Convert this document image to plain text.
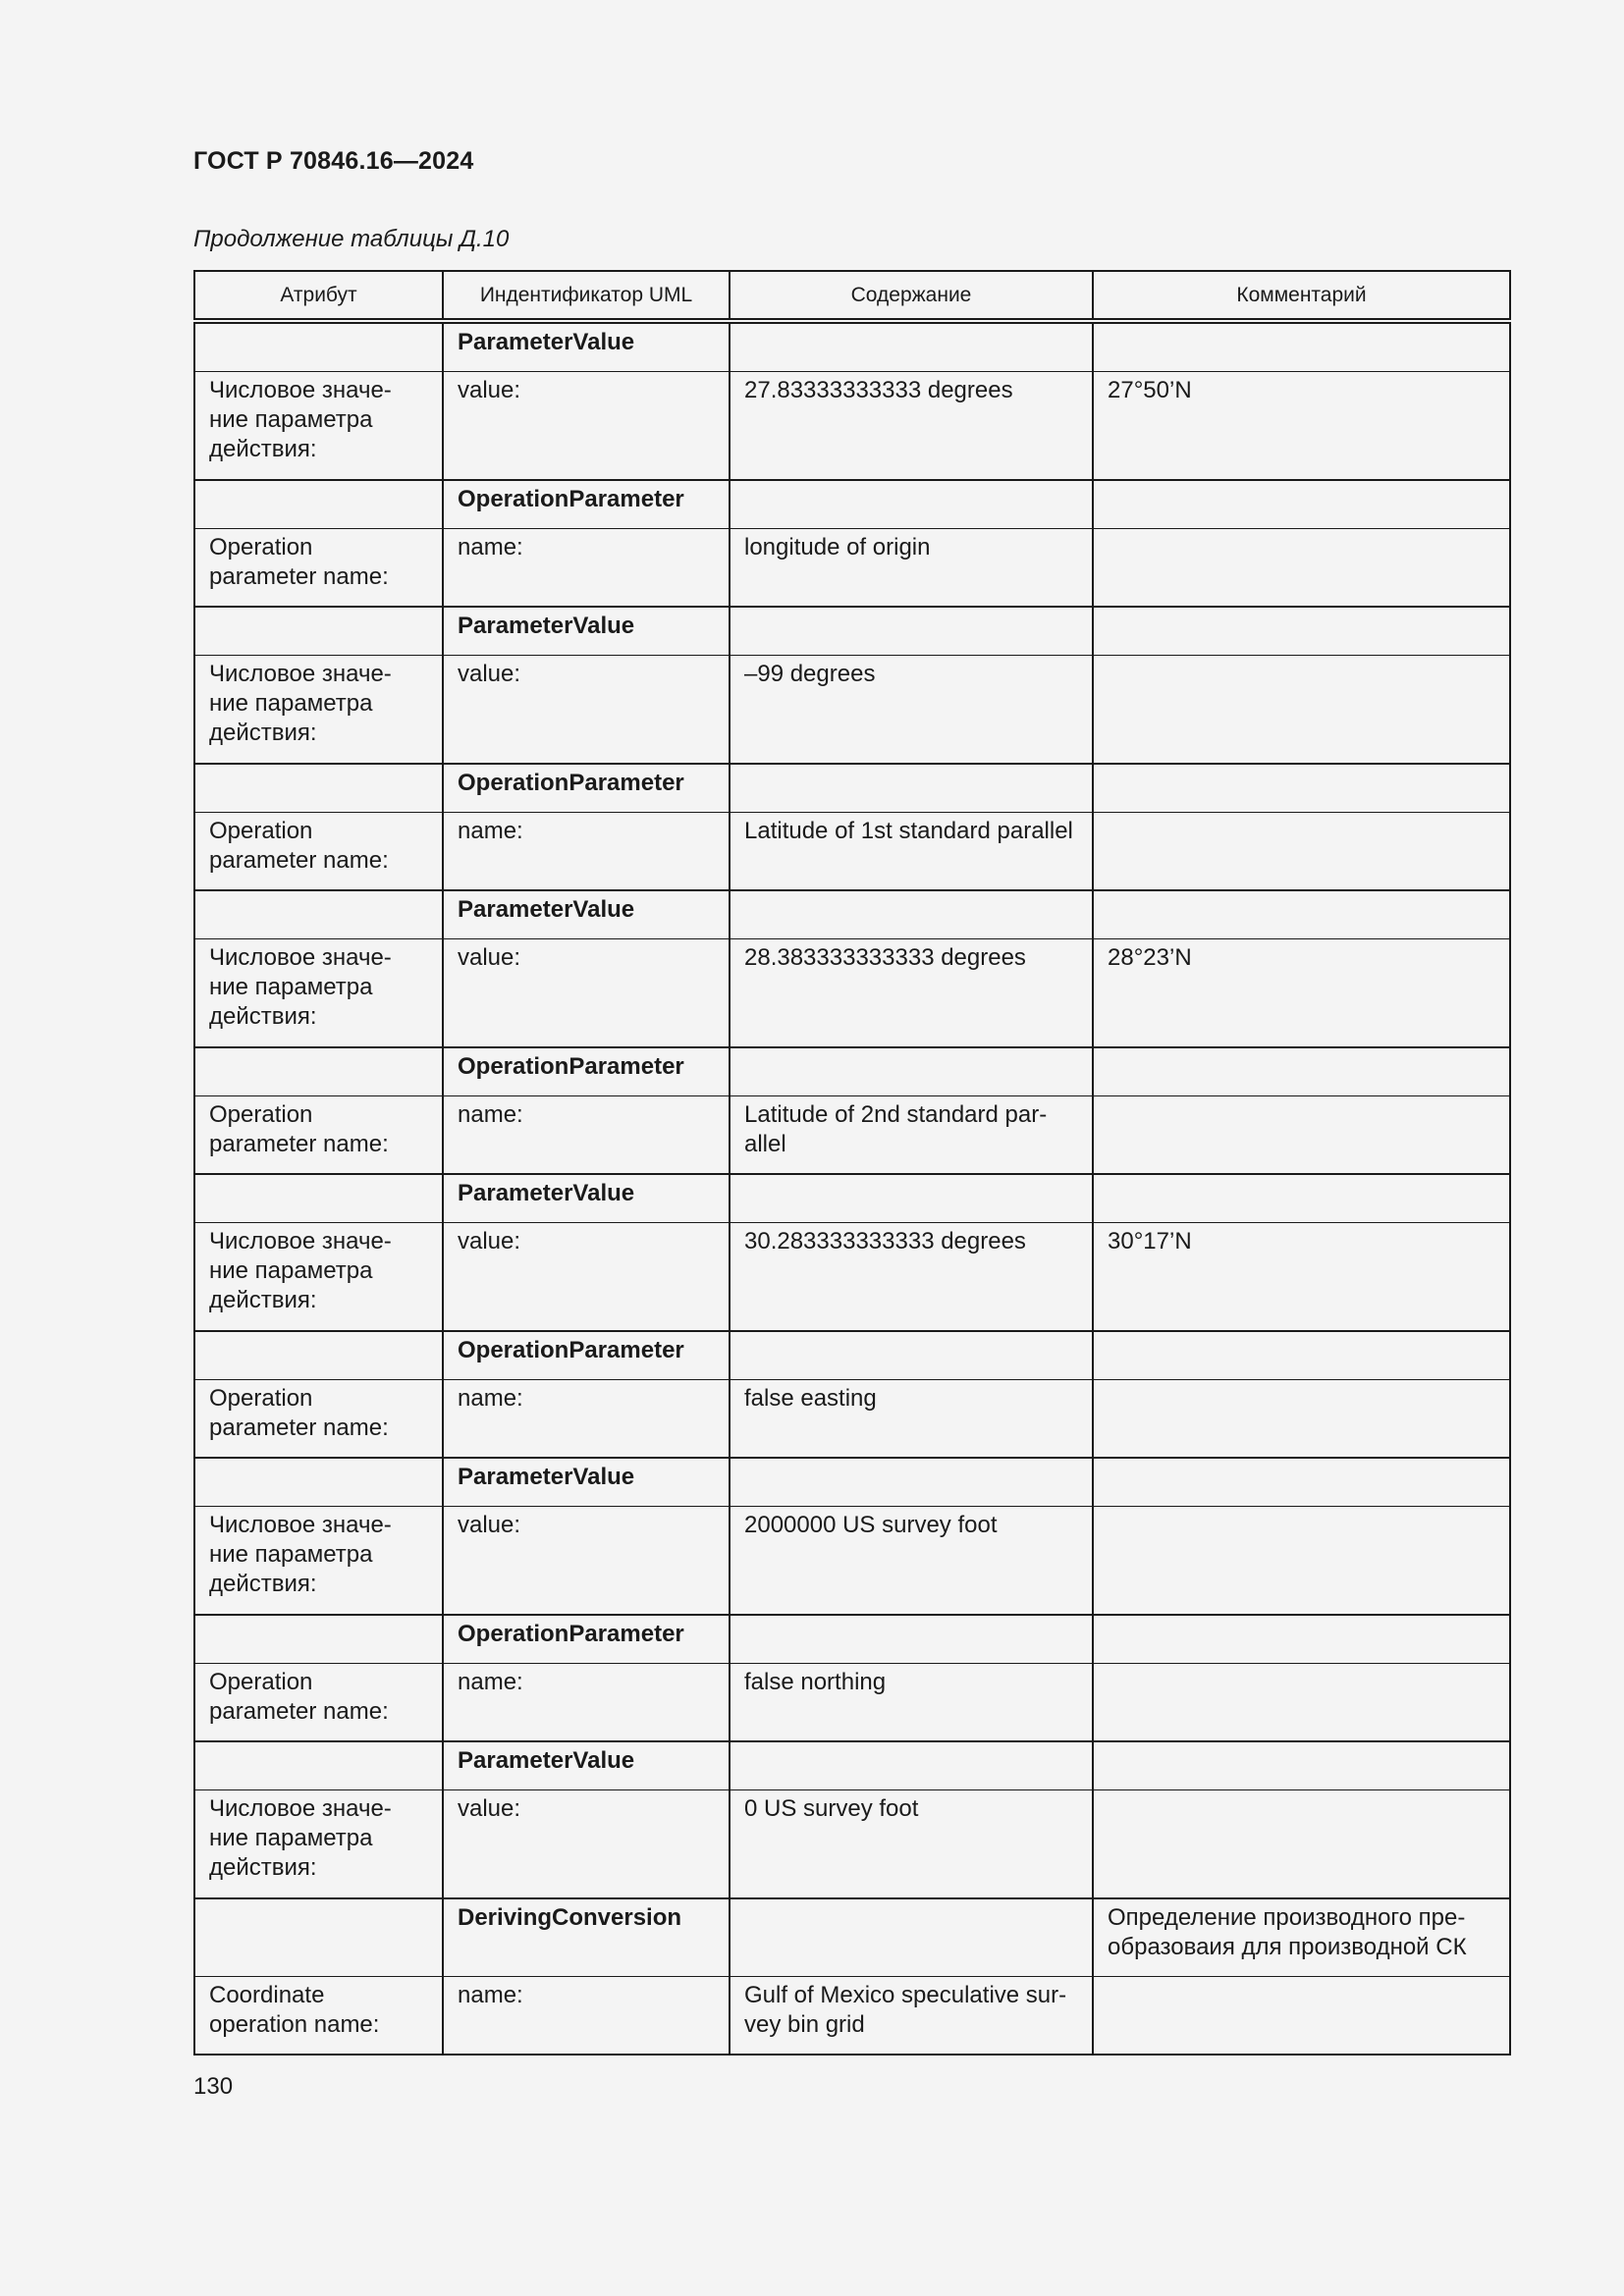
ГОСТ Р 70846.16—2024
Продолжение таблицы Д.10
Атрибут	Индентификатор UML	Содержание	Комментарий
	ParameterValue		
Числовое значе-
ние параметра
действия:	value:	27.83333333333 degrees	27°50’N
	OperationParameter		
Operation
parameter name:	name:	longitude of origin	
	ParameterValue		
Числовое значе-
ние параметра
действия:	value:	–99 degrees	
	OperationParameter		
Operation
parameter name:	name:	Latitude of 1st standard parallel	
	ParameterValue		
Числовое значе-
ние параметра
действия:	value:	28.383333333333 degrees	28°23’N
	OperationParameter		
Operation
parameter name:	name:	Latitude of 2nd standard par-allel	
	ParameterValue		
Числовое значе-
ние параметра
действия:	value:	30.283333333333 degrees	30°17’N
	OperationParameter		
Operation
parameter name:	name:	false easting	
	ParameterValue		
Числовое значе-
ние параметра
действия:	value:	2000000 US survey foot	
	OperationParameter		
Operation
parameter name:	name:	false northing	
	ParameterValue		
Числовое значе-
ние параметра
действия:	value:	0 US survey foot	
	DerivingConversion		Определение производного пре-образоваия для производной СК
Coordinate
operation name:	name:	Gulf of Mexico speculative sur-vey bin grid	
130
